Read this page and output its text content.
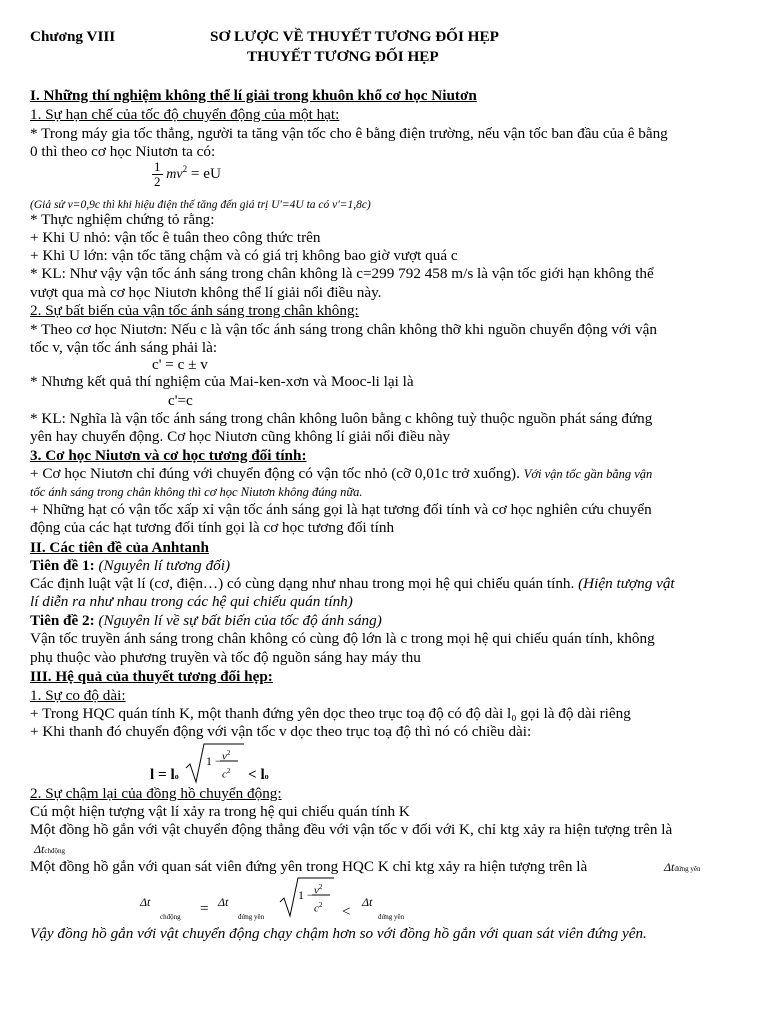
Chương VIII	SƠ LƯỢC VỀ THUYẾT TƯƠNG ĐỐI HẸP
THUYẾT TƯƠNG ĐỐI HẸP
I. Những thí nghiệm không thể lí giải trong khuôn khổ cơ học Niutơn
1. Sự hạn chế của tốc độ chuyển động của một hạt:
* Trong máy gia tốc thẳng, người ta tăng vận tốc cho ê bằng điện trường, nếu vận tốc ban đầu của ê bằng
0 thì theo cơ học Niutơn ta có:
$\frac{1}{2} mv^2$ = eU
(Giả sử v=0,9c thì khi hiệu điện thế tăng đến giá trị U'=4U ta có v'=1,8c)
* Thực nghiệm chứng tỏ rằng:
+ Khi U nhỏ: vận tốc ê tuân theo công thức trên
+ Khi U lớn: vận tốc tăng chậm và có giá trị không bao giờ vượt quá c
* KL: Như vậy vận tốc ánh sáng trong chân không là c=299 792 458 m/s là vận tốc giới hạn không thể
vượt qua mà cơ học Niutơn không thể lí giải nổi điều này.
2. Sự bất biến của vận tốc ánh sáng trong chân không:
* Theo cơ học Niutơn: Nếu c là vận tốc ánh sáng trong chân không thỡ khi nguồn chuyển động với vận
tốc v, vận tốc ánh sáng phải là:
c' = c ± v
* Nhưng kết quả thí nghiệm của Mai-ken-xơn và Mooc-li lại là
c'=c
* KL: Nghĩa là vận tốc ánh sáng trong chân không luôn bằng c không tuỳ thuộc nguồn phát sáng đứng
yên hay chuyển động. Cơ học Niutơn cũng không lí giải nổi điều này
3. Cơ học Niutơn và cơ học tương đối tính:
+ Cơ học Niutơn chỉ đúng với chuyển động có vận tốc nhỏ (cỡ 0,01c trở xuống). Với vận tốc gần bằng vận
tốc ánh sáng trong chân không thì cơ học Niutơn không đúng nữa.
+ Những hạt có vận tốc xấp xỉ vận tốc ánh sáng gọi là hạt tương đối tính và cơ học nghiên cứu chuyển
động của các hạt tương đối tính gọi là cơ học tương đối tính
II. Các tiên đề của Anhtanh
Tiên đề 1: (Nguyên lí tương đối)
Các định luật vật lí (cơ, điện…) có cùng dạng như nhau trong mọi hệ qui chiếu quán tính. (Hiện tượng vật
lí diễn ra như nhau trong các hệ qui chiếu quán tính)
Tiên đề 2: (Nguyên lí về sự bất biến của tốc độ ánh sáng)
Vận tốc truyền ánh sáng trong chân không có cùng độ lớn là c trong mọi hệ qui chiếu quán tính, không
phụ thuộc vào phương truyền và tốc độ nguồn sáng hay máy thu
III. Hệ quả của thuyết tương đối hẹp:
1. Sự co độ dài:
+ Trong HQC quán tính K, một thanh đứng yên dọc theo trục toạ độ có độ dài l₀ gọi là độ dài riêng
+ Khi thanh đó chuyển động với vận tốc v dọc theo trục toạ độ thì nó có chiều dài:
l = lo
$1 - v^2$
$c^2$ < lo
2. Sự chậm lại của đồng hồ chuyển động:
Cú một hiện tượng vật lí xảy ra trong hệ qui chiếu quán tính K
Một đồng hồ gắn với vật chuyển động thẳng đều với vận tốc v đối với K, chỉ ktg xảy ra hiện tượng trên là
Δtchđộng
Một đồng hồ gắn với quan sát viên đứng yên trong HQC K chỉ ktg xảy ra hiện tượng trên là	Δtđứng yên
Δt
chđộng = Δt
đứng yên
$1 - v^2$
$c^2$ <
Δt
đứng yên
Vậy đồng hồ gắn với vật chuyển động chạy chậm hơn so với đồng hồ gắn với quan sát viên đứng yên.
